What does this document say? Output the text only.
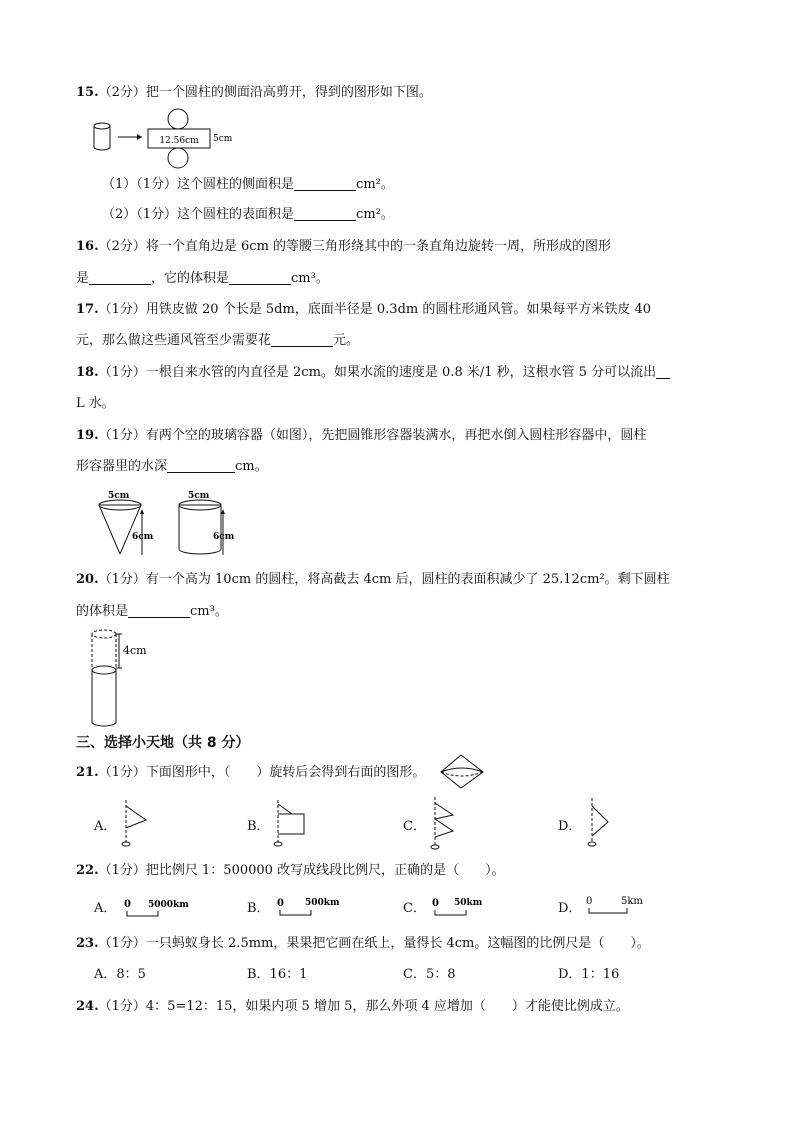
15.（2分）把一个圆柱的侧面沿高剪开，得到的图形如下图。
12.56cm 5cm
（1）（1分）这个圆柱的侧面积是	cm²。
（2）（1分）这个圆柱的表面积是	cm²。
16.（2分）将一个直角边是 6cm 的等腰三角形绕其中的一条直角边旋转一周，所形成的图形
是	，它的体积是	cm³。
17.（1分）用铁皮做 20 个长是 5dm，底面半径是 0.3dm 的圆柱形通风管。如果每平方米铁皮 40
元，那么做这些通风管至少需要花	元。
18.（1分）一根自来水管的内直径是 2cm。如果水流的速度是 0.8 米/1 秒，这根水管 5 分可以流出
L 水。
19.（1分）有两个空的玻璃容器（如图），先把圆锥形容器装满水，再把水倒入圆柱形容器中，圆柱
形容器里的水深	cm。
5cm
6cm
5cm
6cm
20.（1分）有一个高为 10cm 的圆柱，将高截去 4cm 后，圆柱的表面积减少了 25.12cm²。剩下圆柱
的体积是	cm³。
4cm
三、选择小天地（共 8 分）
21.（1分）下面图形中，（　　）旋转后会得到右面的图形。
A．	B．	C．	D．
22.（1分）把比例尺 1：500000 改写成线段比例尺，正确的是（　　）。
A． 0 5000km	B． 0 500km	C． 0 50km	D． 0	5km
23.（1分）一只蚂蚁身长 2.5mm，果果把它画在纸上，量得长 4cm。这幅图的比例尺是（　　）。
A．8：5	B．16：1	C．5：8	D．1：16
24.（1分）4：5=12：15，如果内项 5 增加 5，那么外项 4 应增加（　　）才能使比例成立。
